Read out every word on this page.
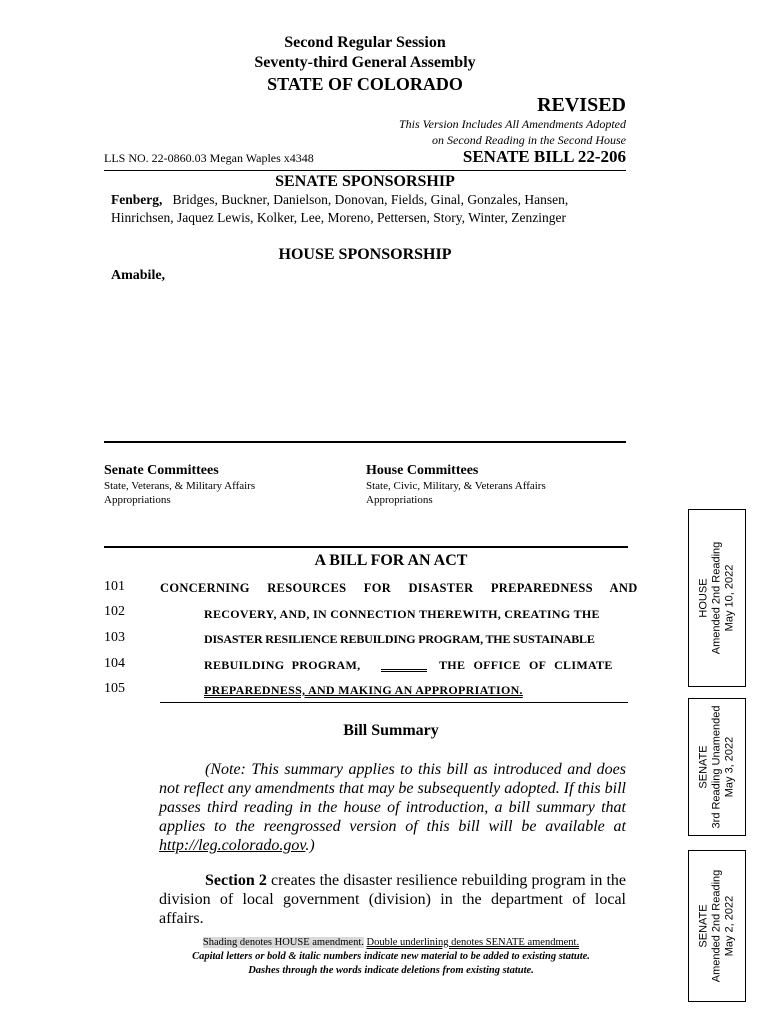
Second Regular Session
Seventy-third General Assembly
STATE OF COLORADO
REVISED
This Version Includes All Amendments Adopted
on Second Reading in the Second House
LLS NO. 22-0860.03 Megan Waples x4348	SENATE BILL 22-206
SENATE SPONSORSHIP
Fenberg, Bridges, Buckner, Danielson, Donovan, Fields, Ginal, Gonzales, Hansen,
Hinrichsen, Jaquez Lewis, Kolker, Lee, Moreno, Pettersen, Story, Winter, Zenzinger
HOUSE SPONSORSHIP
Amabile,
Senate Committees
State, Veterans, & Military Affairs
Appropriations
House Committees
State, Civic, Military, & Veterans Affairs
Appropriations
A BILL FOR AN ACT
101	CONCERNING RESOURCES FOR DISASTER PREPAREDNESS AND
102	RECOVERY, AND, IN CONNECTION THEREWITH, CREATING THE
103	DISASTER RESILIENCE REBUILDING PROGRAM, THE SUSTAINABLE
104	REBUILDING PROGRAM,	THE OFFICE OF CLIMATE
105	PREPAREDNESS, AND MAKING AN APPROPRIATION.
Bill Summary
(Note: This summary applies to this bill as introduced and does not reflect any amendments that may be subsequently adopted. If this bill passes third reading in the house of introduction, a bill summary that applies to the reengrossed version of this bill will be available at http://leg.colorado.gov.)
Section 2 creates the disaster resilience rebuilding program in the division of local government (division) in the department of local affairs.
Shading denotes HOUSE amendment. Double underlining denotes SENATE amendment.
Capital letters or bold & italic numbers indicate new material to be added to existing statute.
Dashes through the words indicate deletions from existing statute.
HOUSE Amended 2nd Reading May 10, 2022
SENATE 3rd Reading Unamended May 3, 2022
SENATE Amended 2nd Reading May 2, 2022
